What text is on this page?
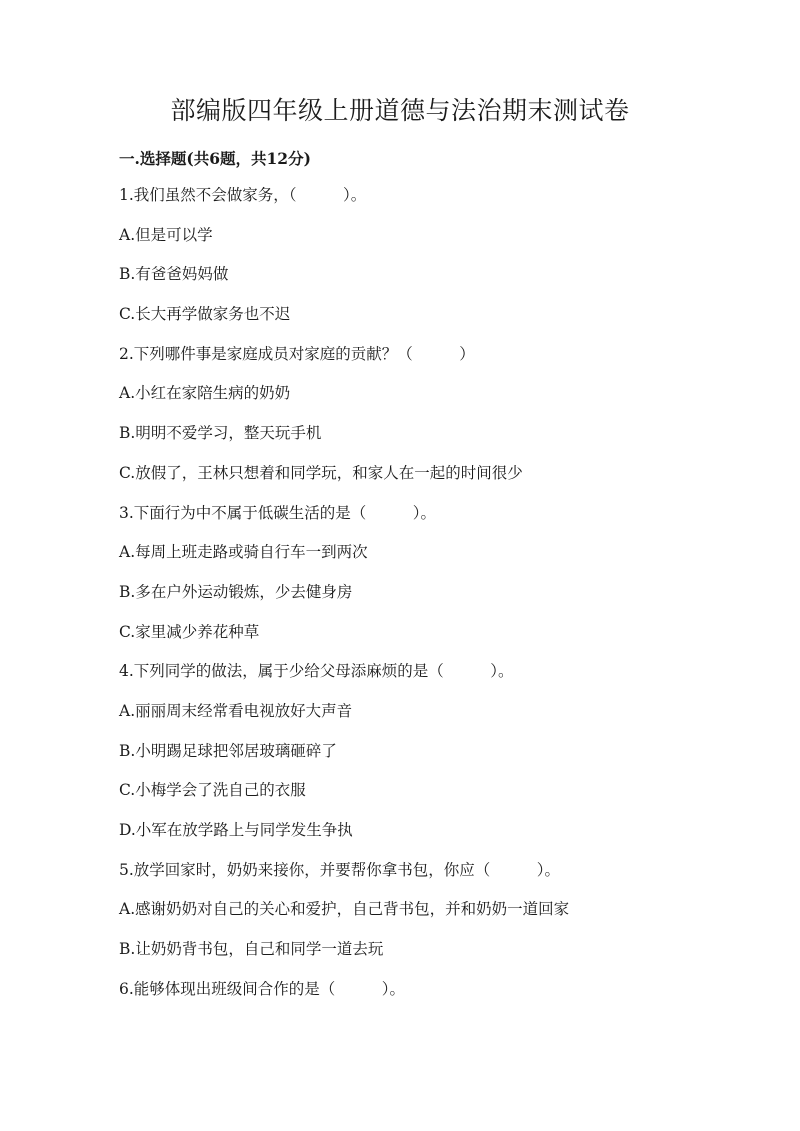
部编版四年级上册道德与法治期末测试卷
一.选择题(共6题，共12分)
1.我们虽然不会做家务，（　　　）。
A.但是可以学
B.有爸爸妈妈做
C.长大再学做家务也不迟
2.下列哪件事是家庭成员对家庭的贡献？（　　　）
A.小红在家陪生病的奶奶
B.明明不爱学习，整天玩手机
C.放假了，王林只想着和同学玩，和家人在一起的时间很少
3.下面行为中不属于低碳生活的是（　　　）。
A.每周上班走路或骑自行车一到两次
B.多在户外运动锻炼，少去健身房
C.家里减少养花种草
4.下列同学的做法，属于少给父母添麻烦的是（　　　）。
A.丽丽周末经常看电视放好大声音
B.小明踢足球把邻居玻璃砸碎了
C.小梅学会了洗自己的衣服
D.小军在放学路上与同学发生争执
5.放学回家时，奶奶来接你，并要帮你拿书包，你应（　　　）。
A.感谢奶奶对自己的关心和爱护，自己背书包，并和奶奶一道回家
B.让奶奶背书包，自己和同学一道去玩
6.能够体现出班级间合作的是（　　　）。
